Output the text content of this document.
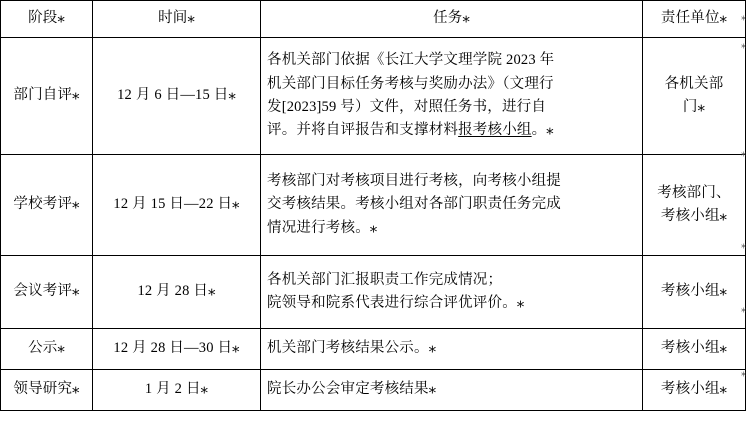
阶段⁎	时间⁎	任务⁎	责任单位⁎
部门自评⁎	12 月 6 日—15 日⁎	各机关部门依据《长江大学文理学院 2023 年
机关部门目标任务考核与奖励办法》（文理行
发[2023]59 号）文件，对照任务书，进行自
评。并将自评报告和支撑材料报考核小组。⁎	各机关部
门⁎

学校考评⁎	12 月 15 日—22 日⁎	考核部门对考核项目进行考核，向考核小组提
交考核结果。考核小组对各部门职责任务完成
情况进行考核。⁎	考核部门、
考核小组⁎

会议考评⁎	12 月 28 日⁎	各机关部门汇报职责工作完成情况；
院领导和院系代表进行综合评优评价。⁎	考核小组⁎
公示⁎	12 月 28 日—30 日⁎	机关部门考核结果公示。⁎	考核小组⁎
领导研究⁎	1 月 2 日⁎	院长办公会审定考核结果⁎	考核小组⁎
⁎
⁎
⁎
⁎
⁎
⁎
